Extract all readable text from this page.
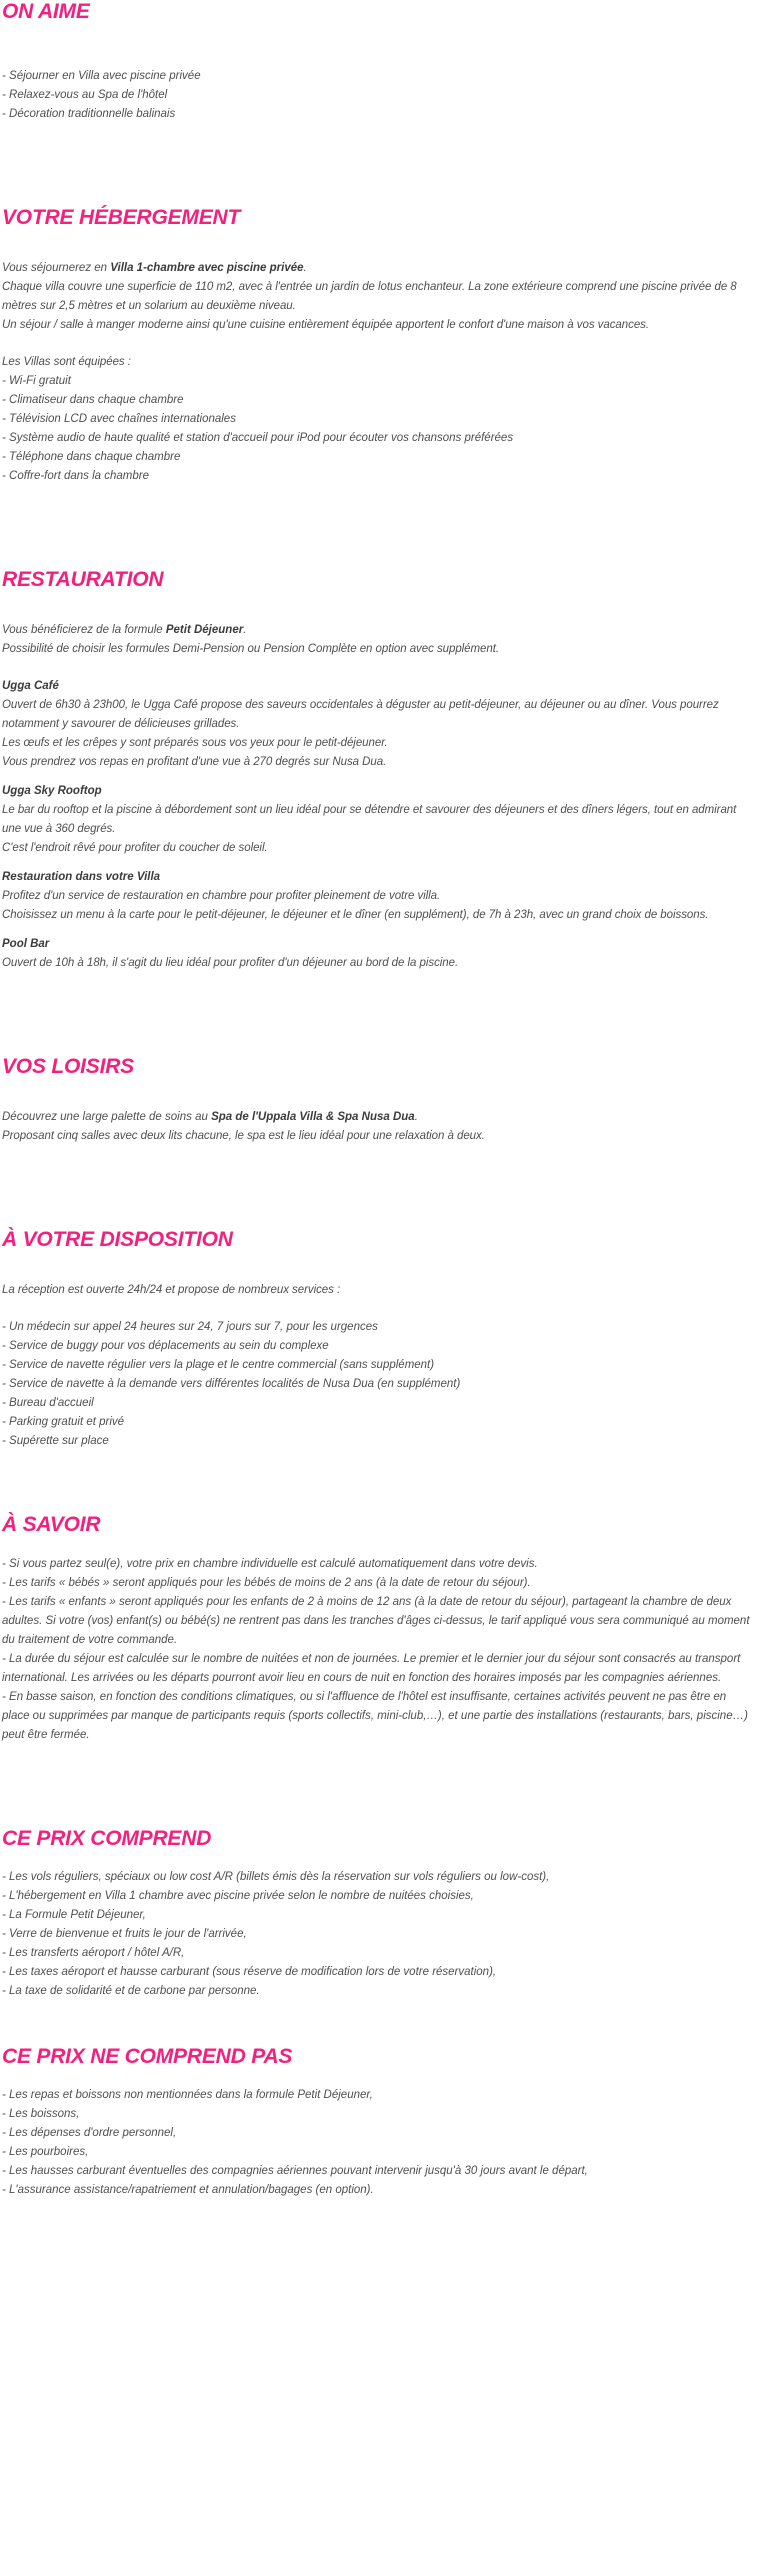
ON AIME
- Séjourner en Villa avec piscine privée
- Relaxez-vous au Spa de l'hôtel
- Décoration traditionnelle balinais
VOTRE HÉBERGEMENT

Vous séjournerez en Villa 1-chambre avec piscine privée.

Chaque villa couvre une superficie de 110 m2, avec à l'entrée un jardin de lotus enchanteur. La zone extérieure comprend une piscine privée de 8 mètres sur 2,5 mètres et un solarium au deuxième niveau.

Un séjour / salle à manger moderne ainsi qu'une cuisine entièrement équipée apportent le confort d'une maison à vos vacances.

Les Villas sont équipées :

- Wi-Fi gratuit
- Climatiseur dans chaque chambre
- Télévision LCD avec chaînes internationales
- Système audio de haute qualité et station d'accueil pour iPod pour écouter vos chansons préférées
- Téléphone dans chaque chambre
- Coffre-fort dans la chambre
RESTAURATION

Vous bénéficierez de la formule Petit Déjeuner.

Possibilité de choisir les formules Demi-Pension ou Pension Complète en option avec supplément.

Ugga Café

Ouvert de 6h30 à 23h00, le Ugga Café propose des saveurs occidentales à déguster au petit-déjeuner, au déjeuner ou au dîner. Vous pourrez notamment y savourer de délicieuses grillades.

Les œufs et les crêpes y sont préparés sous vos yeux pour le petit-déjeuner.

Vous prendrez vos repas en profitant d'une vue à 270 degrés sur Nusa Dua.

Ugga Sky Rooftop

Le bar du rooftop et la piscine à débordement sont un lieu idéal pour se détendre et savourer des déjeuners et des dîners légers, tout en admirant une vue à 360 degrés.

C'est l'endroit rêvé pour profiter du coucher de soleil.

Restauration dans votre Villa

Profitez d'un service de restauration en chambre pour profiter pleinement de votre villa.

Choisissez un menu à la carte pour le petit-déjeuner, le déjeuner et le dîner (en supplément), de 7h à 23h, avec un grand choix de boissons.

Pool Bar

Ouvert de 10h à 18h, il s'agit du lieu idéal pour profiter d'un déjeuner au bord de la piscine.

VOS LOISIRS

Découvrez une large palette de soins au Spa de l'Uppala Villa & Spa Nusa Dua.

Proposant cinq salles avec deux lits chacune, le spa est le lieu idéal pour une relaxation à deux.

À VOTRE DISPOSITION

La réception est ouverte 24h/24 et propose de nombreux services :

- Un médecin sur appel 24 heures sur 24, 7 jours sur 7, pour les urgences
- Service de buggy pour vos déplacements au sein du complexe
- Service de navette régulier vers la plage et le centre commercial (sans supplément)
- Service de navette à la demande vers différentes localités de Nusa Dua (en supplément)
- Bureau d'accueil
- Parking gratuit et privé
- Supérette sur place
À SAVOIR
- Si vous partez seul(e), votre prix en chambre individuelle est calculé automatiquement dans votre devis.
- Les tarifs « bébés » seront appliqués pour les bébés de moins de 2 ans (à la date de retour du séjour).
- Les tarifs « enfants » seront appliqués pour les enfants de 2 à moins de 12 ans (à la date de retour du séjour), partageant la chambre de deux adultes. Si votre (vos) enfant(s) ou bébé(s) ne rentrent pas dans les tranches d'âges ci-dessus, le tarif appliqué vous sera communiqué au moment du traitement de votre commande.
- La durée du séjour est calculée sur le nombre de nuitées et non de journées. Le premier et le dernier jour du séjour sont consacrés au transport international. Les arrivées ou les départs pourront avoir lieu en cours de nuit en fonction des horaires imposés par les compagnies aériennes.
- En basse saison, en fonction des conditions climatiques, ou si l'affluence de l'hôtel est insuffisante, certaines activités peuvent ne pas être en place ou supprimées par manque de participants requis (sports collectifs, mini-club,…), et une partie des installations (restaurants, bars, piscine…) peut être fermée.
CE PRIX COMPREND
- Les vols réguliers, spéciaux ou low cost A/R (billets émis dès la réservation sur vols réguliers ou low-cost),
- L'hébergement en Villa 1 chambre avec piscine privée selon le nombre de nuitées choisies,
- La Formule Petit Déjeuner,
- Verre de bienvenue et fruits le jour de l'arrivée,
- Les transferts aéroport / hôtel A/R,
- Les taxes aéroport et hausse carburant (sous réserve de modification lors de votre réservation),
- La taxe de solidarité et de carbone par personne.
CE PRIX NE COMPREND PAS
- Les repas et boissons non mentionnées dans la formule Petit Déjeuner,
- Les boissons,
- Les dépenses d'ordre personnel,
- Les pourboires,
- Les hausses carburant éventuelles des compagnies aériennes pouvant intervenir jusqu'à 30 jours avant le départ,
- L'assurance assistance/rapatriement et annulation/bagages (en option).
